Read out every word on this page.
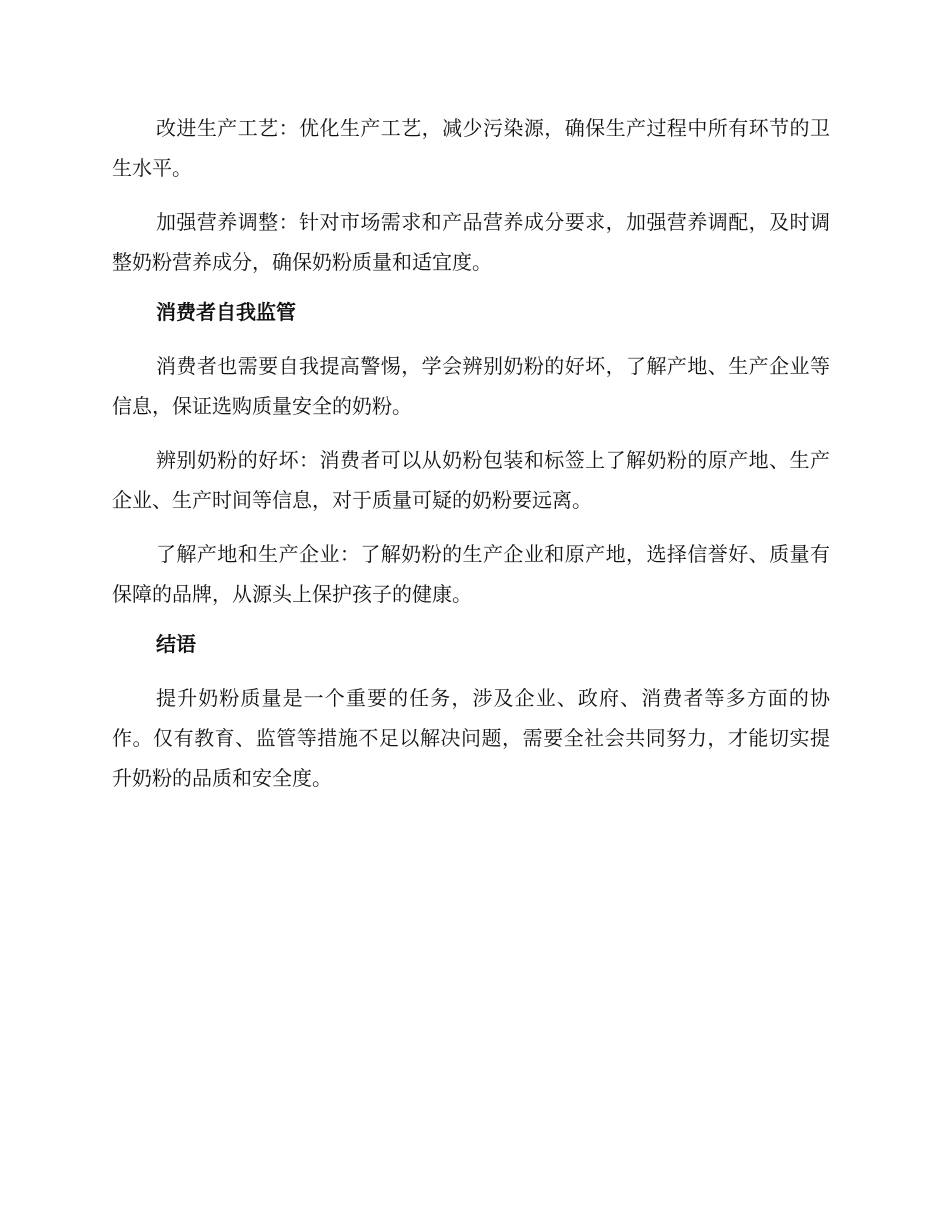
改进生产工艺：优化生产工艺，减少污染源，确保生产过程中所有环节的卫生水平。

加强营养调整：针对市场需求和产品营养成分要求，加强营养调配，及时调整奶粉营养成分，确保奶粉质量和适宜度。

消费者自我监管

消费者也需要自我提高警惕，学会辨别奶粉的好坏，了解产地、生产企业等信息，保证选购质量安全的奶粉。

辨别奶粉的好坏：消费者可以从奶粉包装和标签上了解奶粉的原产地、生产企业、生产时间等信息，对于质量可疑的奶粉要远离。

了解产地和生产企业：了解奶粉的生产企业和原产地，选择信誉好、质量有保障的品牌，从源头上保护孩子的健康。

结语

提升奶粉质量是一个重要的任务，涉及企业、政府、消费者等多方面的协作。仅有教育、监管等措施不足以解决问题，需要全社会共同努力，才能切实提升奶粉的品质和安全度。
